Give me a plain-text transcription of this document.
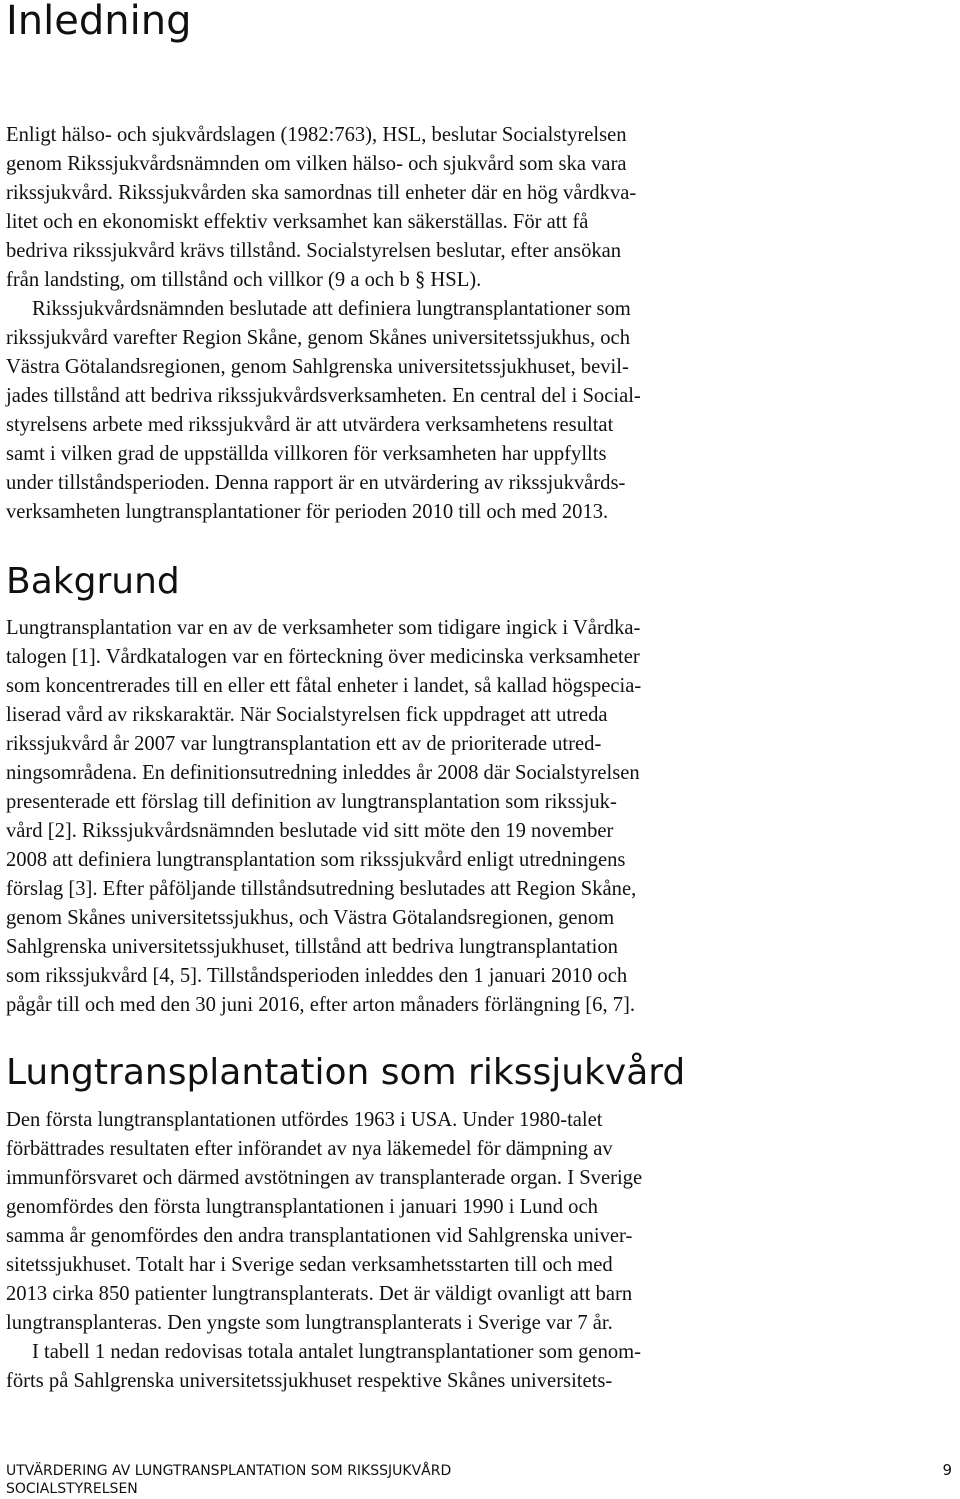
Inledning

Enligt hälso- och sjukvårdslagen (1982:763), HSL, beslutar Socialstyrelsen
genom Rikssjukvårdsnämnden om vilken hälso- och sjukvård som ska vara
rikssjukvård. Rikssjukvården ska samordnas till enheter där en hög vårdkva-
litet och en ekonomiskt effektiv verksamhet kan säkerställas. För att få
bedriva rikssjukvård krävs tillstånd. Socialstyrelsen beslutar, efter ansökan
från landsting, om tillstånd och villkor (9 a och b § HSL).

Rikssjukvårdsnämnden beslutade att definiera lungtransplantationer som
rikssjukvård varefter Region Skåne, genom Skånes universitetssjukhus, och
Västra Götalandsregionen, genom Sahlgrenska universitetssjukhuset, bevil-
jades tillstånd att bedriva rikssjukvårdsverksamheten. En central del i Social-
styrelsens arbete med rikssjukvård är att utvärdera verksamhetens resultat
samt i vilken grad de uppställda villkoren för verksamheten har uppfyllts
under tillståndsperioden. Denna rapport är en utvärdering av rikssjukvårds-
verksamheten lungtransplantationer för perioden 2010 till och med 2013.

Bakgrund

Lungtransplantation var en av de verksamheter som tidigare ingick i Vårdka-
talogen [1]. Vårdkatalogen var en förteckning över medicinska verksamheter
som koncentrerades till en eller ett fåtal enheter i landet, så kallad högspecia-
liserad vård av rikskaraktär. När Socialstyrelsen fick uppdraget att utreda
rikssjukvård år 2007 var lungtransplantation ett av de prioriterade utred-
ningsområdena. En definitionsutredning inleddes år 2008 där Socialstyrelsen
presenterade ett förslag till definition av lungtransplantation som rikssjuk-
vård [2]. Rikssjukvårdsnämnden beslutade vid sitt möte den 19 november
2008 att definiera lungtransplantation som rikssjukvård enligt utredningens
förslag [3]. Efter påföljande tillståndsutredning beslutades att Region Skåne,
genom Skånes universitetssjukhus, och Västra Götalandsregionen, genom
Sahlgrenska universitetssjukhuset, tillstånd att bedriva lungtransplantation
som rikssjukvård [4, 5]. Tillståndsperioden inleddes den 1 januari 2010 och
pågår till och med den 30 juni 2016, efter arton månaders förlängning [6, 7].

Lungtransplantation som rikssjukvård

Den första lungtransplantationen utfördes 1963 i USA. Under 1980-talet
förbättrades resultaten efter införandet av nya läkemedel för dämpning av
immunförsvaret och därmed avstötningen av transplanterade organ. I Sverige
genomfördes den första lungtransplantationen i januari 1990 i Lund och
samma år genomfördes den andra transplantationen vid Sahlgrenska univer-
sitetssjukhuset. Totalt har i Sverige sedan verksamhetsstarten till och med
2013 cirka 850 patienter lungtransplanterats. Det är väldigt ovanligt att barn
lungtransplanteras. Den yngste som lungtransplanterats i Sverige var 7 år.

I tabell 1 nedan redovisas totala antalet lungtransplantationer som genom-
förts på Sahlgrenska universitetssjukhuset respektive Skånes universitets-

UTVÄRDERING AV LUNGTRANSPLANTATION SOM RIKSSJUKVÅRD
SOCIALSTYRELSEN
9
